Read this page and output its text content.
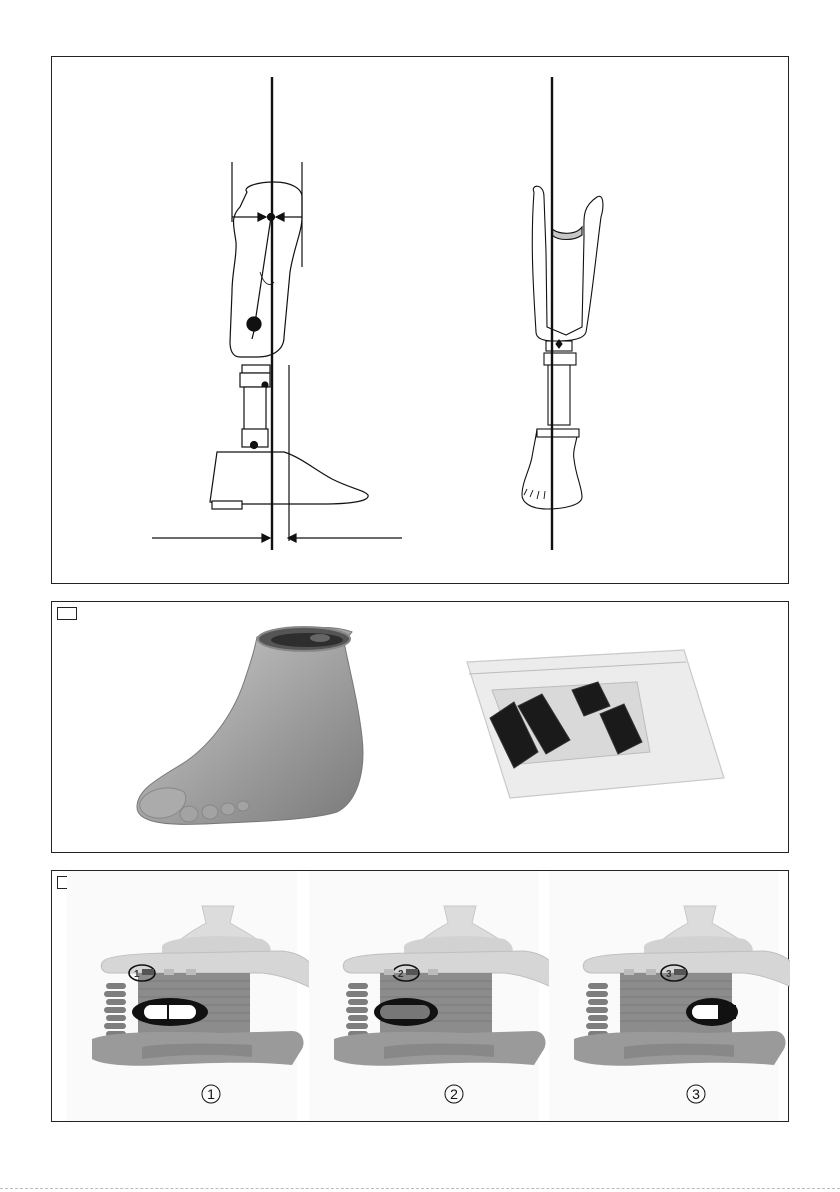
1	2	3
1	2	3
